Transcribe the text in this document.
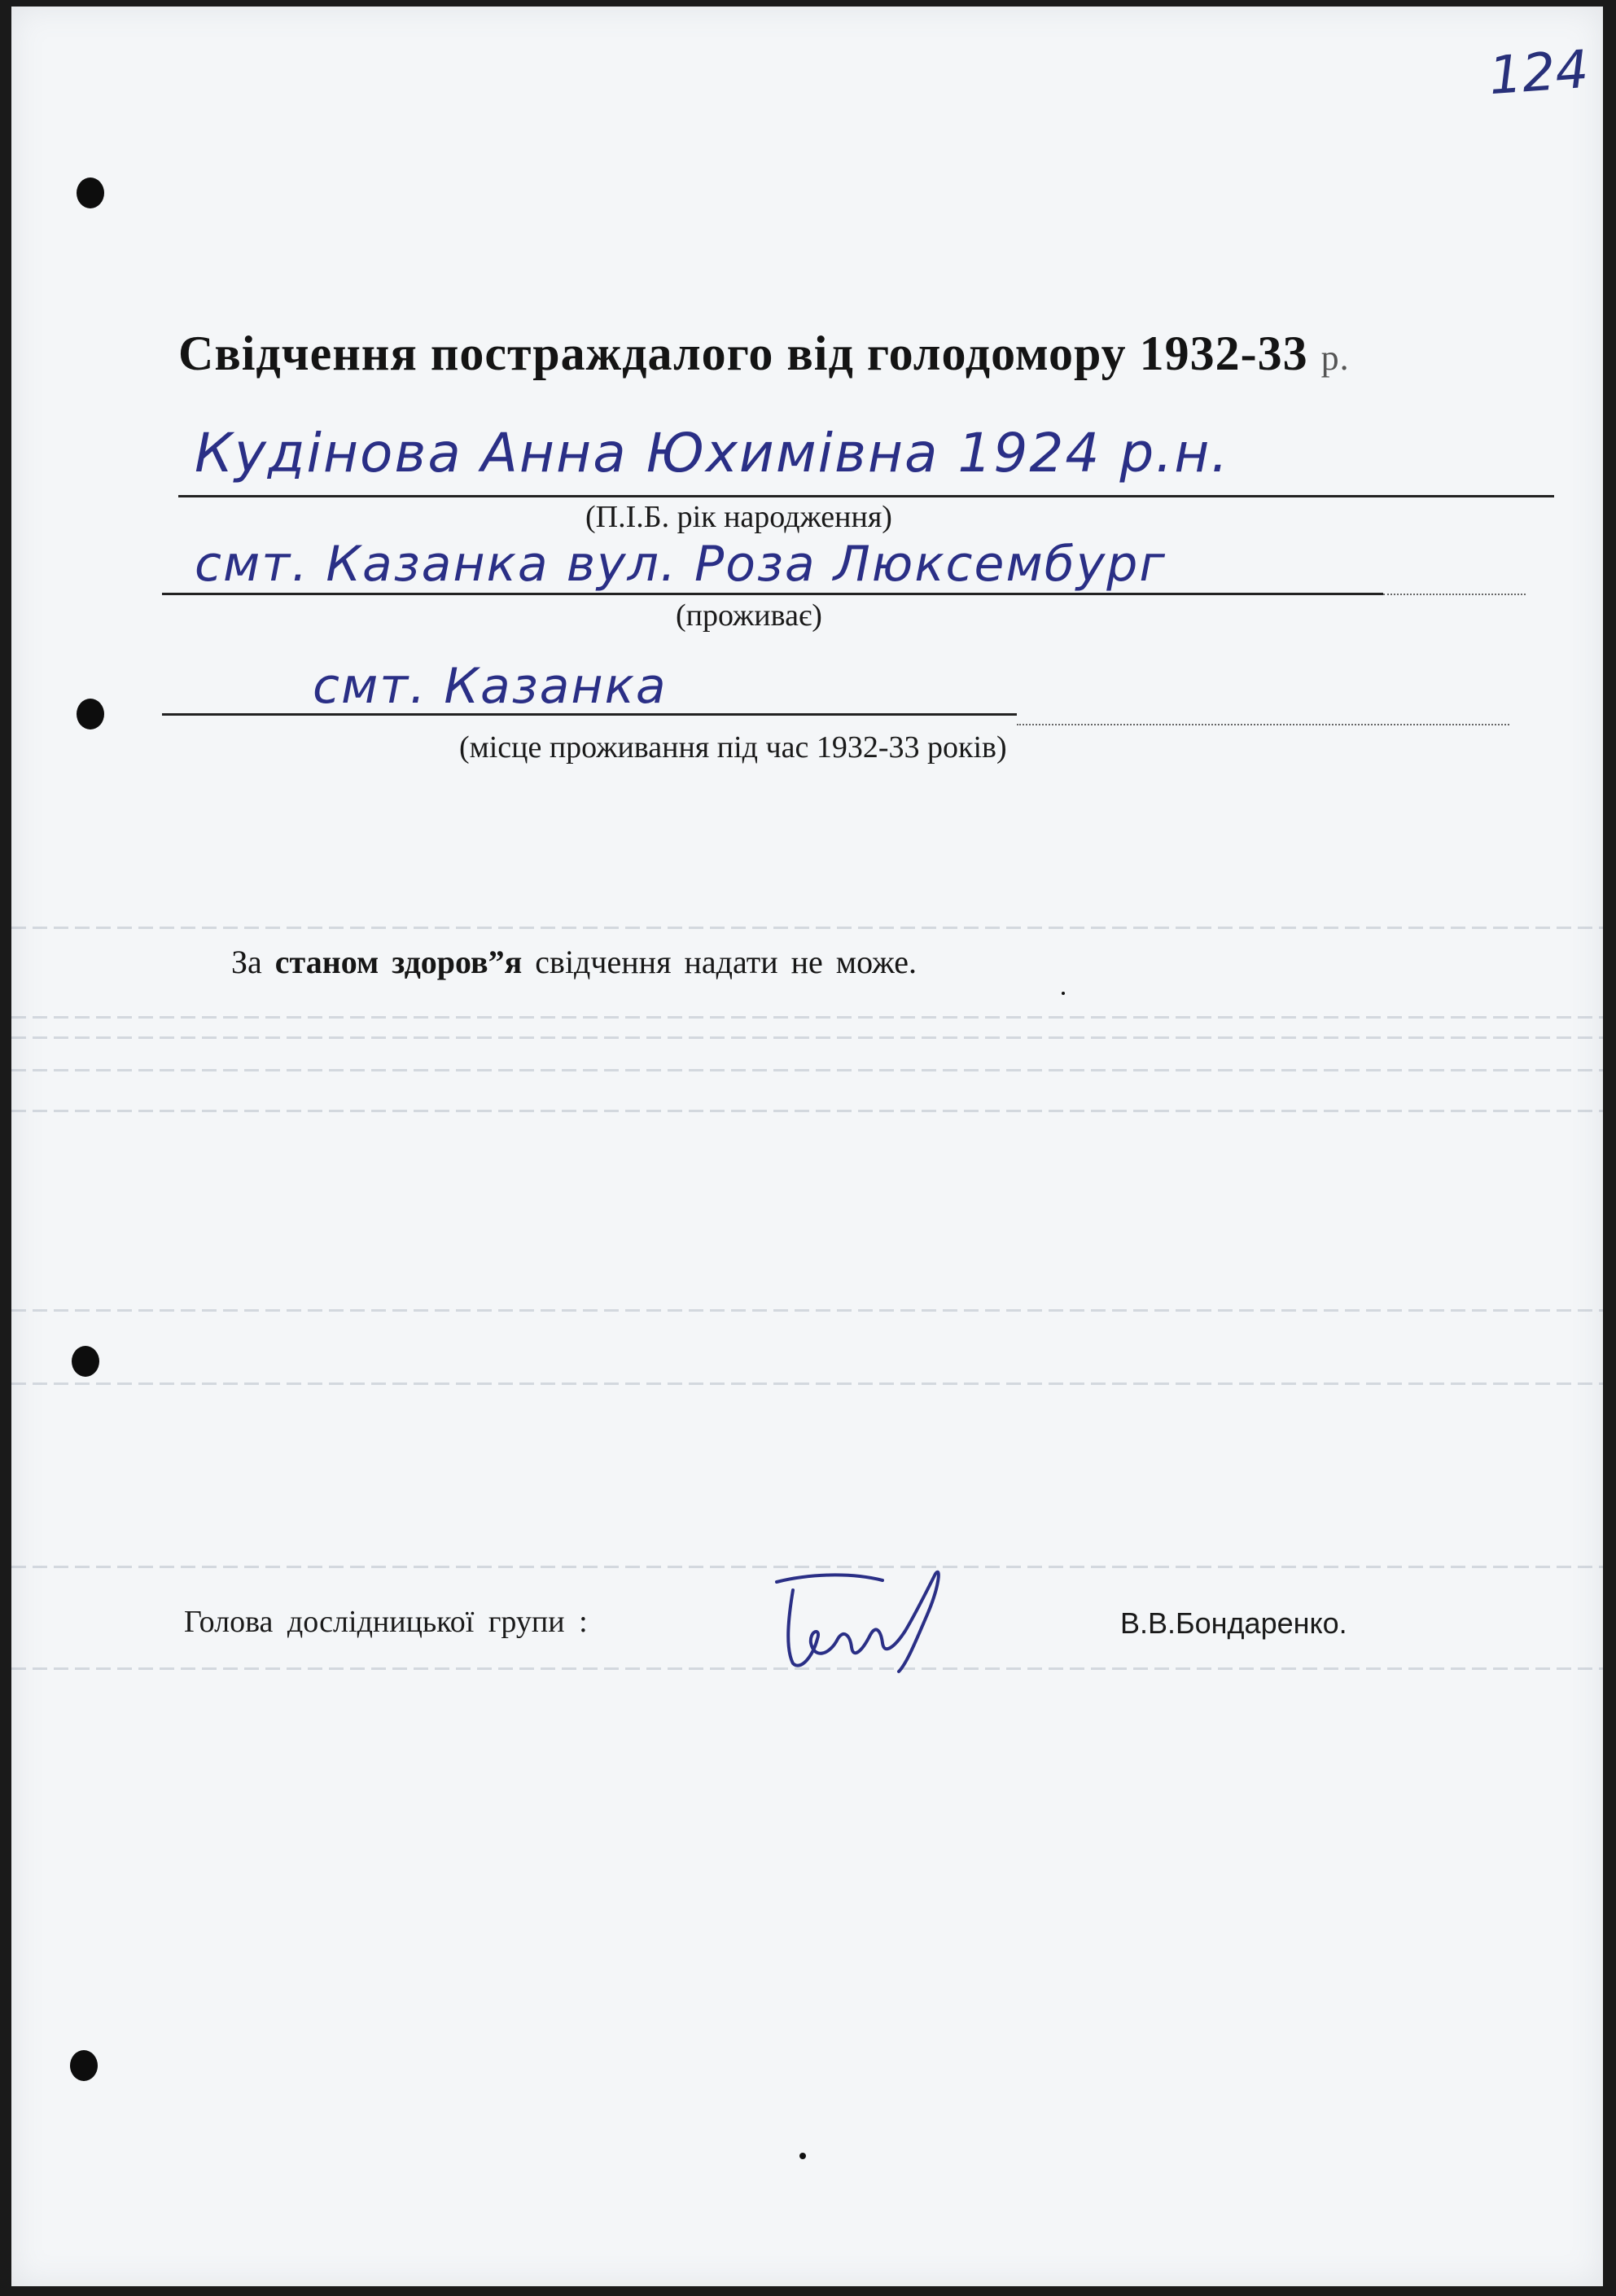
124
Свідчення постраждалого від голодомору 1932-33 р.
Кудінова Анна Юхимівна 1924 р.н.
(П.І.Б. рік народження)
смт. Казанка вул. Роза Люксембург
(проживає)
смт. Казанка
(місце проживання під час 1932-33 років)
За станом здоров”я свідчення надати не може.
Голова дослідницької групи :	В.В.Бондаренко.
